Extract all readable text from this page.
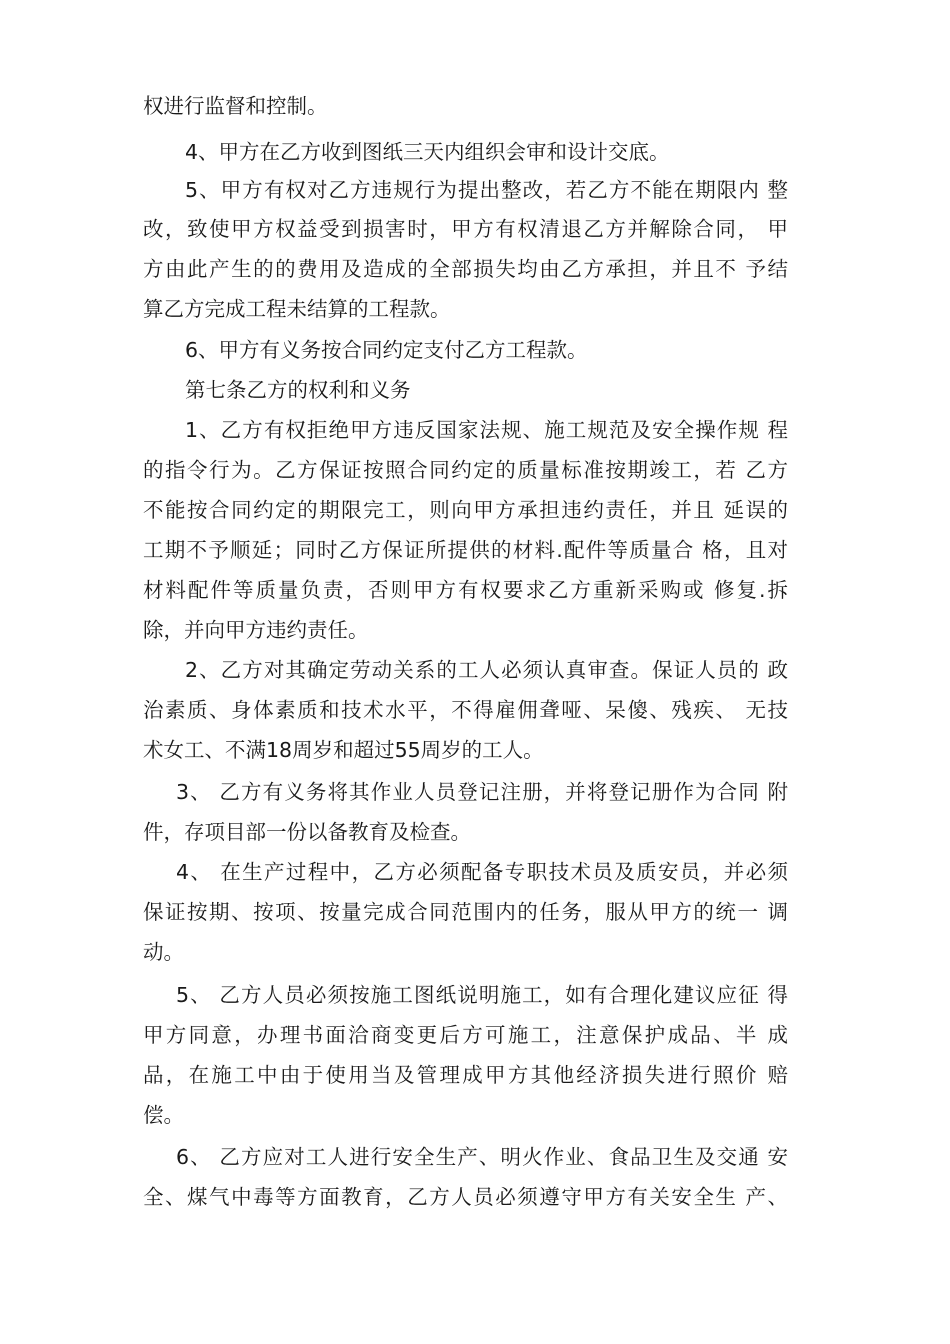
权进行监督和控制。
4、甲方在乙方收到图纸三天内组织会审和设计交底。
5、甲方有权对乙方违规行为提出整改，若乙方不能在期限内 整
改，致使甲方权益受到损害时，甲方有权清退乙方并解除合同， 甲
方由此产生的的费用及造成的全部损失均由乙方承担，并且不 予结
算乙方完成工程未结算的工程款。
6、甲方有义务按合同约定支付乙方工程款。
第七条乙方的权利和义务
1、乙方有权拒绝甲方违反国家法规、施工规范及安全操作规 程
的指令行为。乙方保证按照合同约定的质量标准按期竣工，若 乙方
不能按合同约定的期限完工，则向甲方承担违约责任，并且 延误的
工期不予顺延；同时乙方保证所提供的材料.配件等质量合 格，且对
材料配件等质量负责，否则甲方有权要求乙方重新采购或 修复.拆
除，并向甲方违约责任。
2、乙方对其确定劳动关系的工人必须认真审查。保证人员的 政
治素质、身体素质和技术水平，不得雇佣聋哑、呆傻、残疾、 无技
术女工、不满18周岁和超过55周岁的工人。
3、 乙方有义务将其作业人员登记注册，并将登记册作为合同 附
件，存项目部一份以备教育及检查。
4、 在生产过程中，乙方必须配备专职技术员及质安员，并必须
保证按期、按项、按量完成合同范围内的任务，服从甲方的统一 调
动。
5、 乙方人员必须按施工图纸说明施工，如有合理化建议应征 得
甲方同意，办理书面洽商变更后方可施工，注意保护成品、半 成
品，在施工中由于使用当及管理成甲方其他经济损失进行照价 赔
偿。
6、 乙方应对工人进行安全生产、明火作业、食品卫生及交通 安
全、煤气中毒等方面教育，乙方人员必须遵守甲方有关安全生 产、
